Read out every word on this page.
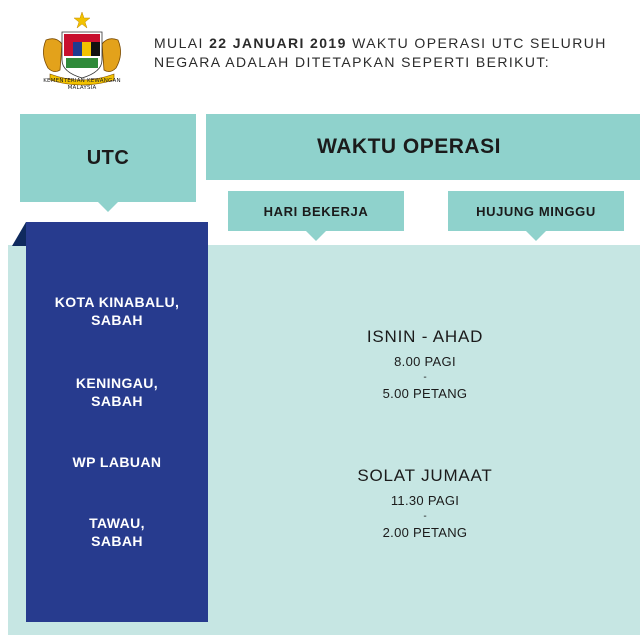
KEMENTERIAN KEWANGAN MALAYSIA
MULAI 22 JANUARI 2019 WAKTU OPERASI UTC SELURUH NEGARA ADALAH DITETAPKAN SEPERTI BERIKUT:
UTC	WAKTU OPERASI
HARI BEKERJA	HUJUNG MINGGU
KOTA KINABALU,
SABAH
KENINGAU,
SABAH
WP LABUAN
TAWAU,
SABAH
ISNIN - AHAD
8.00 PAGI
-
5.00 PETANG
SOLAT JUMAAT
11.30 PAGI
-
2.00 PETANG
